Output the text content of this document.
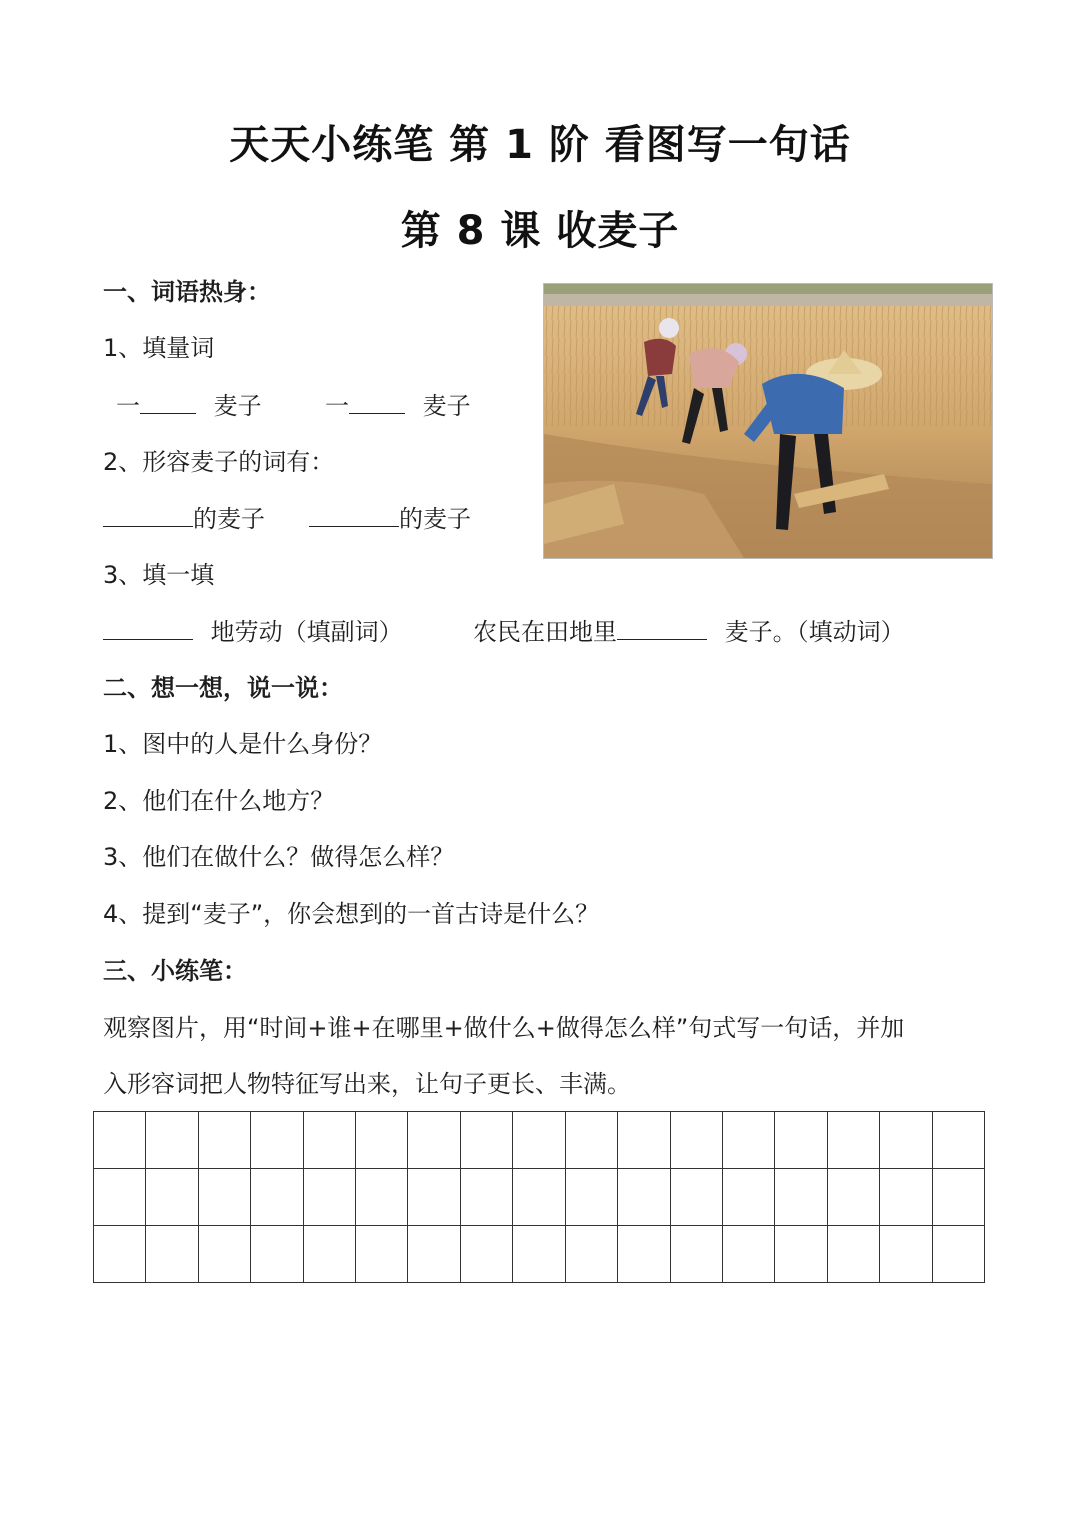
天天小练笔 第 1 阶 看图写一句话
第 8 课 收麦子
一、词语热身：
1、填量词
一	麦子	一	麦子
2、形容麦子的词有：
的麦子	的麦子
3、填一填
地劳动（填副词）	农民在田地里	麦子。（填动词）
二、想一想，说一说：
1、图中的人是什么身份？
2、他们在什么地方？
3、他们在做什么？做得怎么样？
4、提到“麦子”，你会想到的一首古诗是什么？
三、小练笔：
观察图片，用“时间+谁+在哪里+做什么+做得怎么样”句式写一句话，并加
入形容词把人物特征写出来，让句子更长、丰满。
